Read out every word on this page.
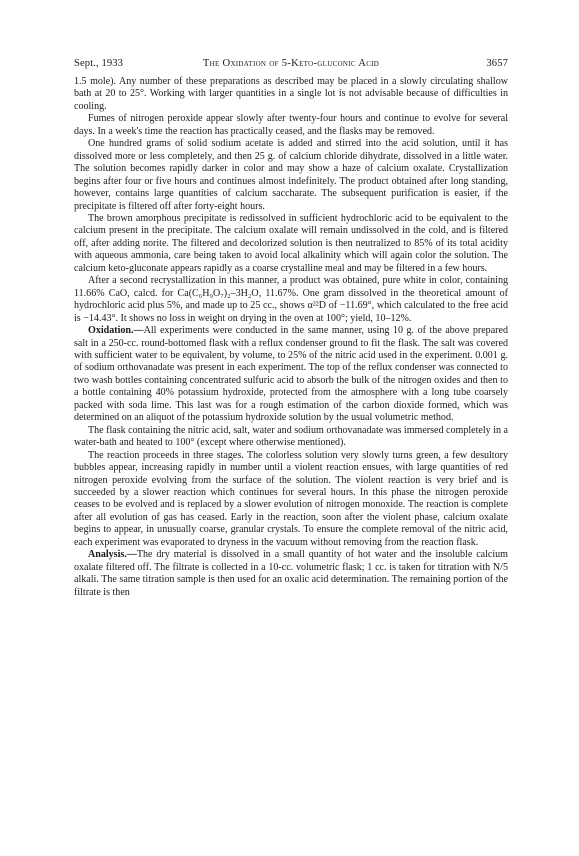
Sept., 1933	The Oxidation of 5-Keto-gluconic Acid	3657

1.5 mole). Any number of these preparations as described may be placed in a slowly circulating shallow bath at 20 to 25°. Working with larger quantities in a single lot is not advisable because of difficulties in cooling.

Fumes of nitrogen peroxide appear slowly after twenty-four hours and continue to evolve for several days. In a week's time the reaction has practically ceased, and the flasks may be removed.

One hundred grams of solid sodium acetate is added and stirred into the acid solution, until it has dissolved more or less completely, and then 25 g. of calcium chloride dihydrate, dissolved in a little water. The solution becomes rapidly darker in color and may show a haze of calcium oxalate. Crystallization begins after four or five hours and continues almost indefinitely. The product obtained after long standing, however, contains large quantities of calcium saccharate. The subsequent purification is easier, if the precipitate is filtered off after forty-eight hours.

The brown amorphous precipitate is redissolved in sufficient hydrochloric acid to be equivalent to the calcium present in the precipitate. The calcium oxalate will remain undissolved in the cold, and is filtered off, after adding norite. The filtered and decolorized solution is then neutralized to 85% of its total acidity with aqueous ammonia, care being taken to avoid local alkalinity which will again color the solution. The calcium keto-gluconate appears rapidly as a coarse crystalline meal and may be filtered in a few hours.

After a second recrystallization in this manner, a product was obtained, pure white in color, containing 11.66% CaO, calcd. for Ca(C₆H₉O₇)₂–3H₂O, 11.67%. One gram dissolved in the theoretical amount of hydrochloric acid plus 5%, and made up to 25 cc., shows α²²D of −11.69°, which calculated to the free acid is −14.43°. It shows no loss in weight on drying in the oven at 100°; yield, 10–12%.

Oxidation.—All experiments were conducted in the same manner, using 10 g. of the above prepared salt in a 250-cc. round-bottomed flask with a reflux condenser ground to fit the flask. The salt was covered with sufficient water to be equivalent, by volume, to 25% of the nitric acid used in the experiment. 0.001 g. of sodium orthovanadate was present in each experiment. The top of the reflux condenser was connected to two wash bottles containing concentrated sulfuric acid to absorb the bulk of the nitrogen oxides and then to a bottle containing 40% potassium hydroxide, protected from the atmosphere with a long tube coarsely packed with soda lime. This last was for a rough estimation of the carbon dioxide formed, which was determined on an aliquot of the potassium hydroxide solution by the usual volumetric method.

The flask containing the nitric acid, salt, water and sodium orthovanadate was immersed completely in a water-bath and heated to 100° (except where otherwise mentioned).

The reaction proceeds in three stages. The colorless solution very slowly turns green, a few desultory bubbles appear, increasing rapidly in number until a violent reaction ensues, with large quantities of red nitrogen peroxide evolving from the surface of the solution. The violent reaction is very brief and is succeeded by a slower reaction which continues for several hours. In this phase the nitrogen peroxide ceases to be evolved and is replaced by a slower evolution of nitrogen monoxide. The reaction is complete after all evolution of gas has ceased. Early in the reaction, soon after the violent phase, calcium oxalate begins to appear, in unusually coarse, granular crystals. To ensure the complete removal of the nitric acid, each experiment was evaporated to dryness in the vacuum without removing from the reaction flask.

Analysis.—The dry material is dissolved in a small quantity of hot water and the insoluble calcium oxalate filtered off. The filtrate is collected in a 10-cc. volumetric flask; 1 cc. is taken for titration with N/5 alkali. The same titration sample is then used for an oxalic acid determination. The remaining portion of the filtrate is then
